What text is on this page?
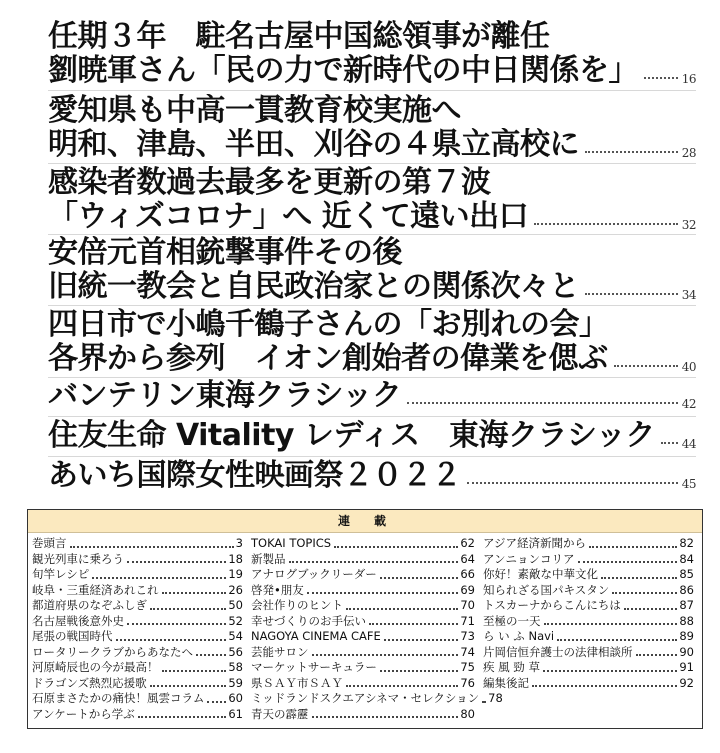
任期３年　駐名古屋中国総領事が離任
劉暁軍さん「民の力で新時代の中日関係を」	16
愛知県も中高一貫教育校実施へ
明和、津島、半田、刈谷の４県立高校に	28
感染者数過去最多を更新の第７波
「ウィズコロナ」へ 近くて遠い出口	32
安倍元首相銃撃事件その後
旧統一教会と自民政治家との関係次々と	34
四日市で小嶋千鶴子さんの「お別れの会」
各界から参列　イオン創始者の偉業を偲ぶ	40
バンテリン東海クラシック	42
住友生命 Vitality レディス　東海クラシック 44
あいち国際女性映画祭２０２２	45
連　載
巻頭言	3
観光列車に乗ろう	18
旬竿レシピ	19
岐阜・三重経済あれこれ	26
都道府県のなぞふしぎ	50
名古屋戦後意外史	52
尾張の戦国時代	54
ロータリークラブからあなたへ	56
河原崎辰也の今が最高！	58
ドラゴンズ熱烈応援歌	59
石原まさたかの痛快！風雲コラム 60
アンケートから学ぶ	61
TOKAI TOPICS	62
新製品	64
アナログブックリーダー	66
啓発•朋友	69
会社作りのヒント	70
幸せづくりのお手伝い	71
NAGOYA CINEMA CAFE	73
芸能サロン	74
マーケットサーキュラー	75
県ＳＡＹ市ＳＡＹ	76
ミッドランドスクエアシネマ・セレクション 78
青天の霹靂	80
アジア経済新聞から	82
アンニョンコリア	84
你好！素敵な中華文化	85
知られざる国パキスタン	86
トスカーナからこんにちは	87
至極の一天	88
ら い ふ Navi	89
片岡信恒弁護士の法律相談所	90
疾 風 勁 草	91
編集後記	92
